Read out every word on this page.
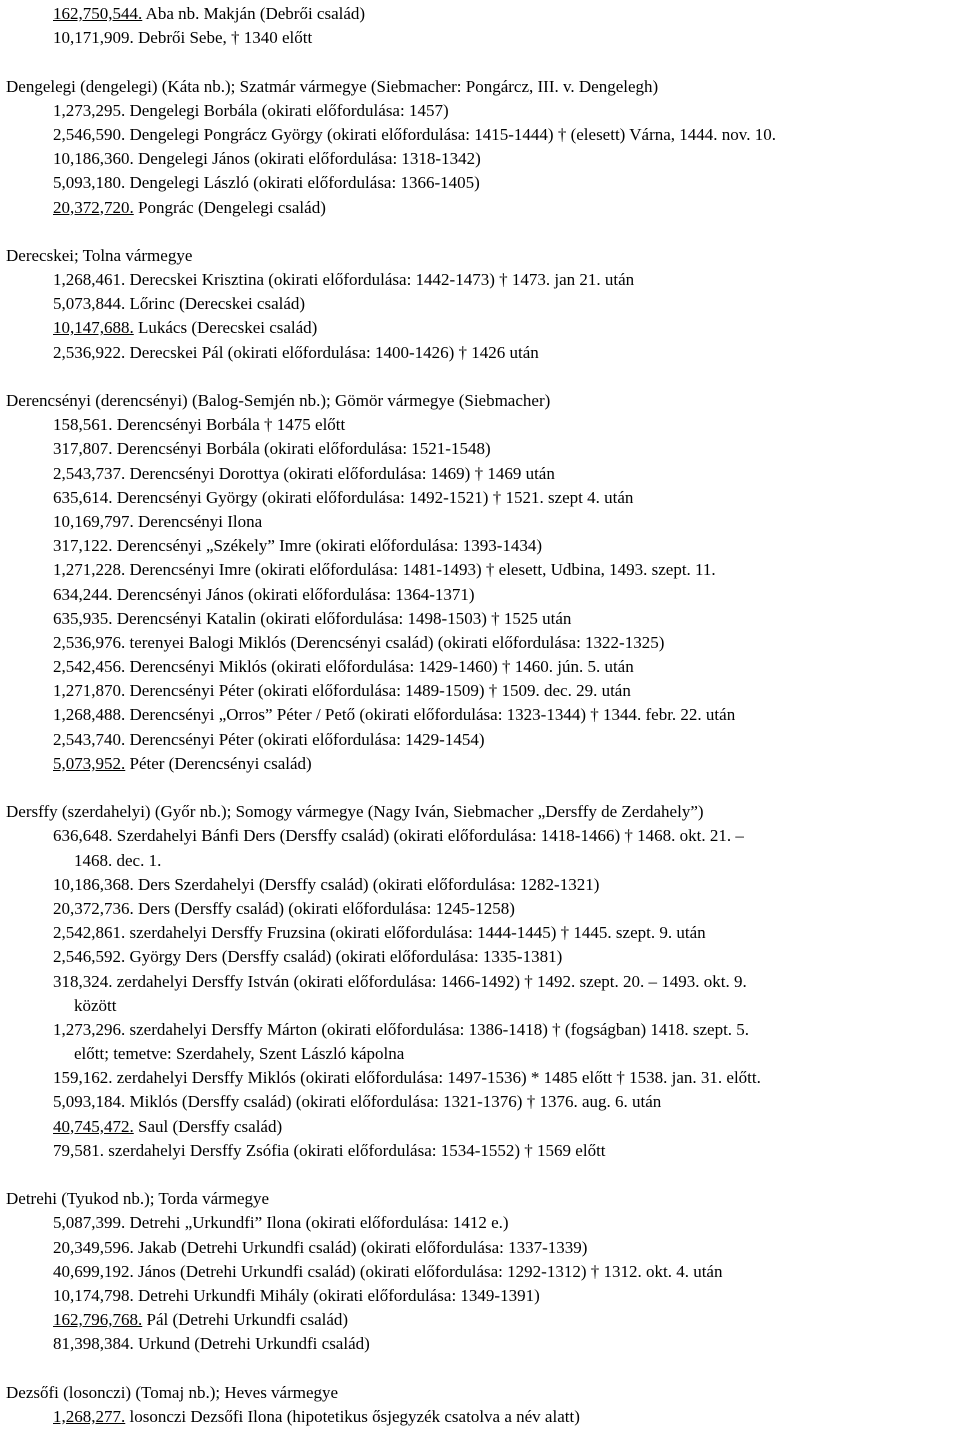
162,750,544. Aba nb. Makján (Debrői család)
10,171,909. Debrői Sebe, † 1340 előtt
Dengelegi (dengelegi) (Káta nb.); Szatmár vármegye (Siebmacher: Pongárcz, III. v. Dengelegh)
1,273,295. Dengelegi Borbála (okirati előfordulása: 1457)
2,546,590. Dengelegi Pongrácz György (okirati előfordulása: 1415-1444) † (elesett) Várna, 1444. nov. 10.
10,186,360. Dengelegi János (okirati előfordulása: 1318-1342)
5,093,180. Dengelegi László (okirati előfordulása: 1366-1405)
20,372,720. Pongrác (Dengelegi család)
Derecskei; Tolna vármegye
1,268,461. Derecskei Krisztina (okirati előfordulása: 1442-1473) † 1473. jan 21. után
5,073,844. Lőrinc (Derecskei család)
10,147,688. Lukács (Derecskei család)
2,536,922. Derecskei Pál (okirati előfordulása: 1400-1426) † 1426 után
Derencsényi (derencsényi) (Balog-Semjén nb.); Gömör vármegye (Siebmacher)
158,561. Derencsényi Borbála † 1475 előtt
317,807. Derencsényi Borbála (okirati előfordulása: 1521-1548)
2,543,737. Derencsényi Dorottya (okirati előfordulása: 1469) † 1469 után
635,614. Derencsényi György (okirati előfordulása: 1492-1521) † 1521. szept 4. után
10,169,797. Derencsényi Ilona
317,122. Derencsényi „Székely” Imre (okirati előfordulása: 1393-1434)
1,271,228. Derencsényi Imre (okirati előfordulása: 1481-1493) † elesett, Udbina, 1493. szept. 11.
634,244. Derencsényi János (okirati előfordulása: 1364-1371)
635,935. Derencsényi Katalin (okirati előfordulása: 1498-1503) † 1525 után
2,536,976. terenyei Balogi Miklós (Derencsényi család) (okirati előfordulása: 1322-1325)
2,542,456. Derencsényi Miklós (okirati előfordulása: 1429-1460) † 1460. jún. 5. után
1,271,870. Derencsényi Péter (okirati előfordulása: 1489-1509) † 1509. dec. 29. után
1,268,488. Derencsényi „Orros” Péter / Pető (okirati előfordulása: 1323-1344) † 1344. febr. 22. után
2,543,740. Derencsényi Péter (okirati előfordulása: 1429-1454)
5,073,952. Péter (Derencsényi család)
Dersffy (szerdahelyi) (Győr nb.); Somogy vármegye (Nagy Iván, Siebmacher „Dersffy de Zerdahely”)
636,648. Szerdahelyi Bánfi Ders (Dersffy család) (okirati előfordulása: 1418-1466) † 1468. okt. 21. –
1468. dec. 1.
10,186,368. Ders Szerdahelyi (Dersffy család) (okirati előfordulása: 1282-1321)
20,372,736. Ders (Dersffy család) (okirati előfordulása: 1245-1258)
2,542,861. szerdahelyi Dersffy Fruzsina (okirati előfordulása: 1444-1445) † 1445. szept. 9. után
2,546,592. György Ders (Dersffy család) (okirati előfordulása: 1335-1381)
318,324. zerdahelyi Dersffy István (okirati előfordulása: 1466-1492) † 1492. szept. 20. – 1493. okt. 9.
között
1,273,296. szerdahelyi Dersffy Márton (okirati előfordulása: 1386-1418) † (fogságban) 1418. szept. 5.
előtt; temetve: Szerdahely, Szent László kápolna
159,162. zerdahelyi Dersffy Miklós (okirati előfordulása: 1497-1536) * 1485 előtt † 1538. jan. 31. előtt.
5,093,184. Miklós (Dersffy család) (okirati előfordulása: 1321-1376) † 1376. aug. 6. után
40,745,472. Saul (Dersffy család)
79,581. szerdahelyi Dersffy Zsófia (okirati előfordulása: 1534-1552) † 1569 előtt
Detrehi (Tyukod nb.); Torda vármegye
5,087,399. Detrehi „Urkundfi” Ilona (okirati előfordulása: 1412 e.)
20,349,596. Jakab (Detrehi Urkundfi család) (okirati előfordulása: 1337-1339)
40,699,192. János (Detrehi Urkundfi család) (okirati előfordulása: 1292-1312) † 1312. okt. 4. után
10,174,798. Detrehi Urkundfi Mihály (okirati előfordulása: 1349-1391)
162,796,768. Pál (Detrehi Urkundfi család)
81,398,384. Urkund (Detrehi Urkundfi család)
Dezsőfi (losonczi) (Tomaj nb.); Heves vármegye
1,268,277. losonczi Dezsőfi Ilona (hipotetikus ősjegyzék csatolva a név alatt)
